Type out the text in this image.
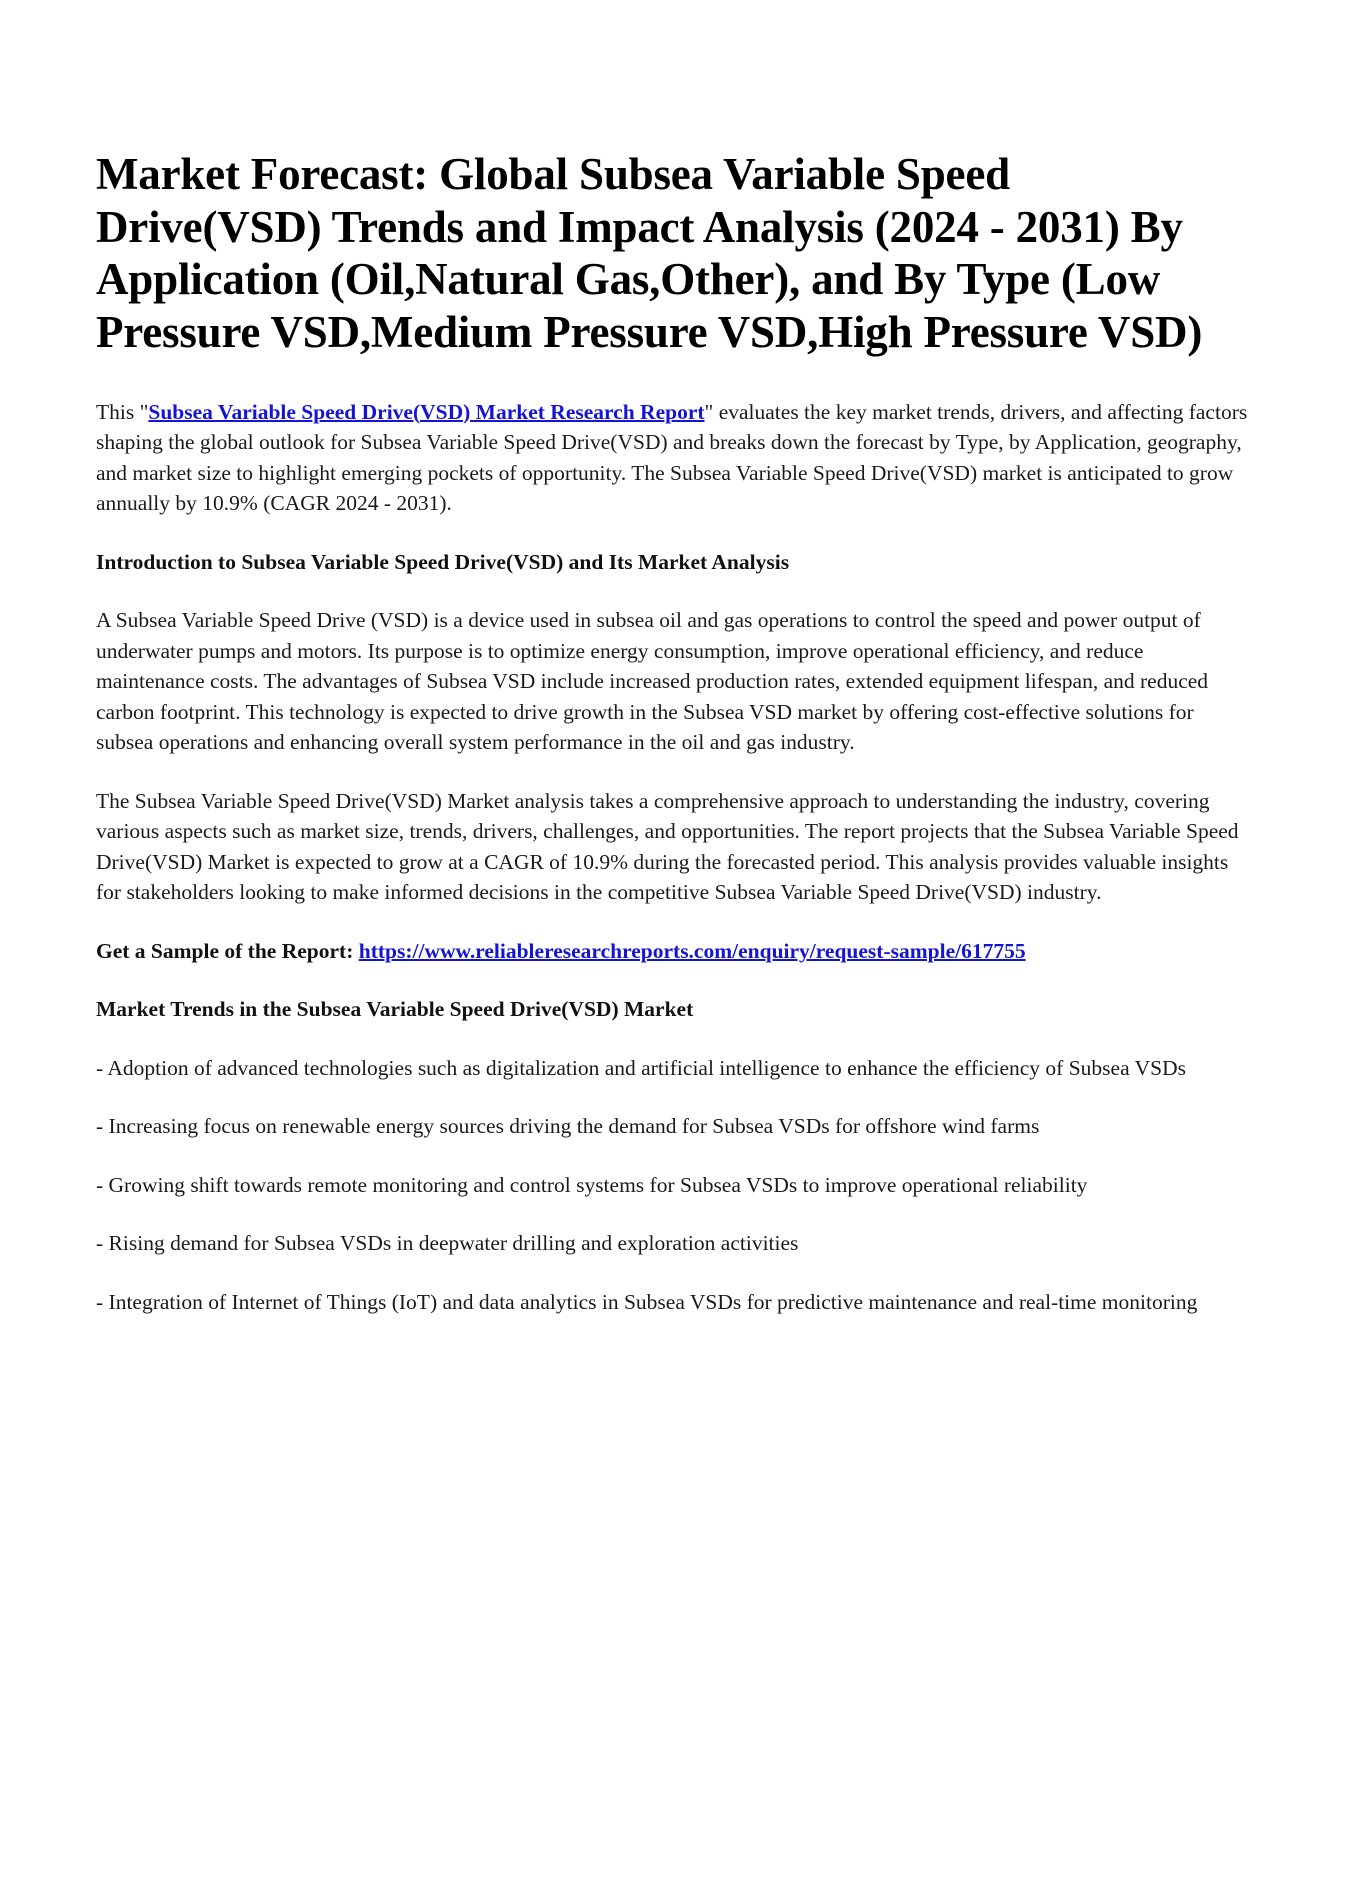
Market Forecast: Global Subsea Variable Speed Drive(VSD) Trends and Impact Analysis (2024 - 2031) By Application (Oil,Natural Gas,Other), and By Type (Low Pressure VSD,Medium Pressure VSD,High Pressure VSD)

This "Subsea Variable Speed Drive(VSD) Market Research Report" evaluates the key market trends, drivers, and affecting factors shaping the global outlook for Subsea Variable Speed Drive(VSD) and breaks down the forecast by Type, by Application, geography, and market size to highlight emerging pockets of opportunity. The Subsea Variable Speed Drive(VSD) market is anticipated to grow annually by 10.9% (CAGR 2024 - 2031).

Introduction to Subsea Variable Speed Drive(VSD) and Its Market Analysis

A Subsea Variable Speed Drive (VSD) is a device used in subsea oil and gas operations to control the speed and power output of underwater pumps and motors. Its purpose is to optimize energy consumption, improve operational efficiency, and reduce maintenance costs. The advantages of Subsea VSD include increased production rates, extended equipment lifespan, and reduced carbon footprint. This technology is expected to drive growth in the Subsea VSD market by offering cost-effective solutions for subsea operations and enhancing overall system performance in the oil and gas industry.

The Subsea Variable Speed Drive(VSD) Market analysis takes a comprehensive approach to understanding the industry, covering various aspects such as market size, trends, drivers, challenges, and opportunities. The report projects that the Subsea Variable Speed Drive(VSD) Market is expected to grow at a CAGR of 10.9% during the forecasted period. This analysis provides valuable insights for stakeholders looking to make informed decisions in the competitive Subsea Variable Speed Drive(VSD) industry.

Get a Sample of the Report: https://www.reliableresearchreports.com/enquiry/request-sample/617755

Market Trends in the Subsea Variable Speed Drive(VSD) Market

- Adoption of advanced technologies such as digitalization and artificial intelligence to enhance the efficiency of Subsea VSDs

- Increasing focus on renewable energy sources driving the demand for Subsea VSDs for offshore wind farms

- Growing shift towards remote monitoring and control systems for Subsea VSDs to improve operational reliability

- Rising demand for Subsea VSDs in deepwater drilling and exploration activities

- Integration of Internet of Things (IoT) and data analytics in Subsea VSDs for predictive maintenance and real-time monitoring
